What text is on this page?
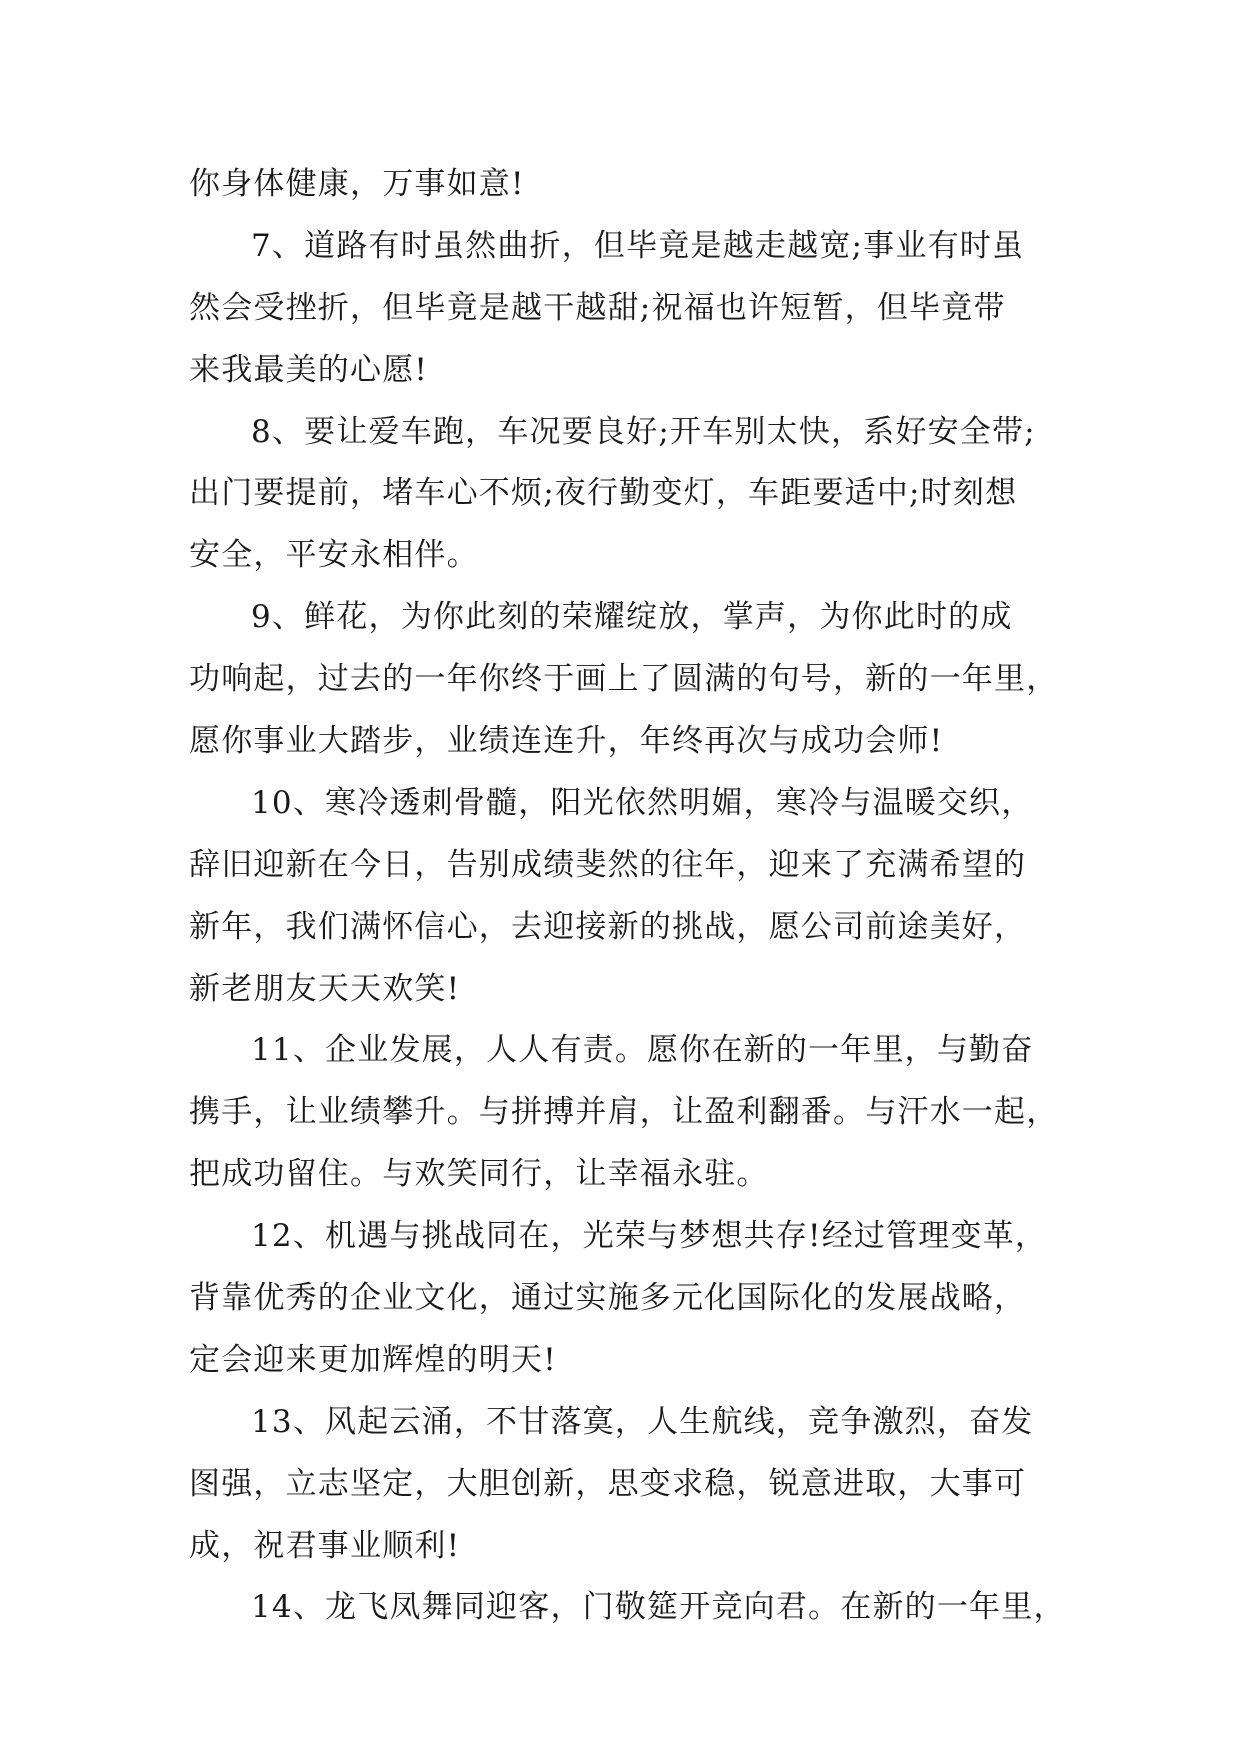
你身体健康，万事如意!
7、道路有时虽然曲折，但毕竟是越走越宽;事业有时虽
然会受挫折，但毕竟是越干越甜;祝福也许短暂，但毕竟带
来我最美的心愿!
8、要让爱车跑，车况要良好;开车别太快，系好安全带;
出门要提前，堵车心不烦;夜行勤变灯，车距要适中;时刻想
安全，平安永相伴。
9、鲜花，为你此刻的荣耀绽放，掌声，为你此时的成
功响起，过去的一年你终于画上了圆满的句号，新的一年里，
愿你事业大踏步，业绩连连升，年终再次与成功会师!
10、寒冷透刺骨髓，阳光依然明媚，寒冷与温暖交织，
辞旧迎新在今日，告别成绩斐然的往年，迎来了充满希望的
新年，我们满怀信心，去迎接新的挑战，愿公司前途美好，
新老朋友天天欢笑!
11、企业发展，人人有责。愿你在新的一年里，与勤奋
携手，让业绩攀升。与拼搏并肩，让盈利翻番。与汗水一起，
把成功留住。与欢笑同行，让幸福永驻。
12、机遇与挑战同在，光荣与梦想共存!经过管理变革，
背靠优秀的企业文化，通过实施多元化国际化的发展战略，
定会迎来更加辉煌的明天!
13、风起云涌，不甘落寞，人生航线，竞争激烈，奋发
图强，立志坚定，大胆创新，思变求稳，锐意进取，大事可
成，祝君事业顺利!
14、龙飞凤舞同迎客，门敬筵开竞向君。在新的一年里，
